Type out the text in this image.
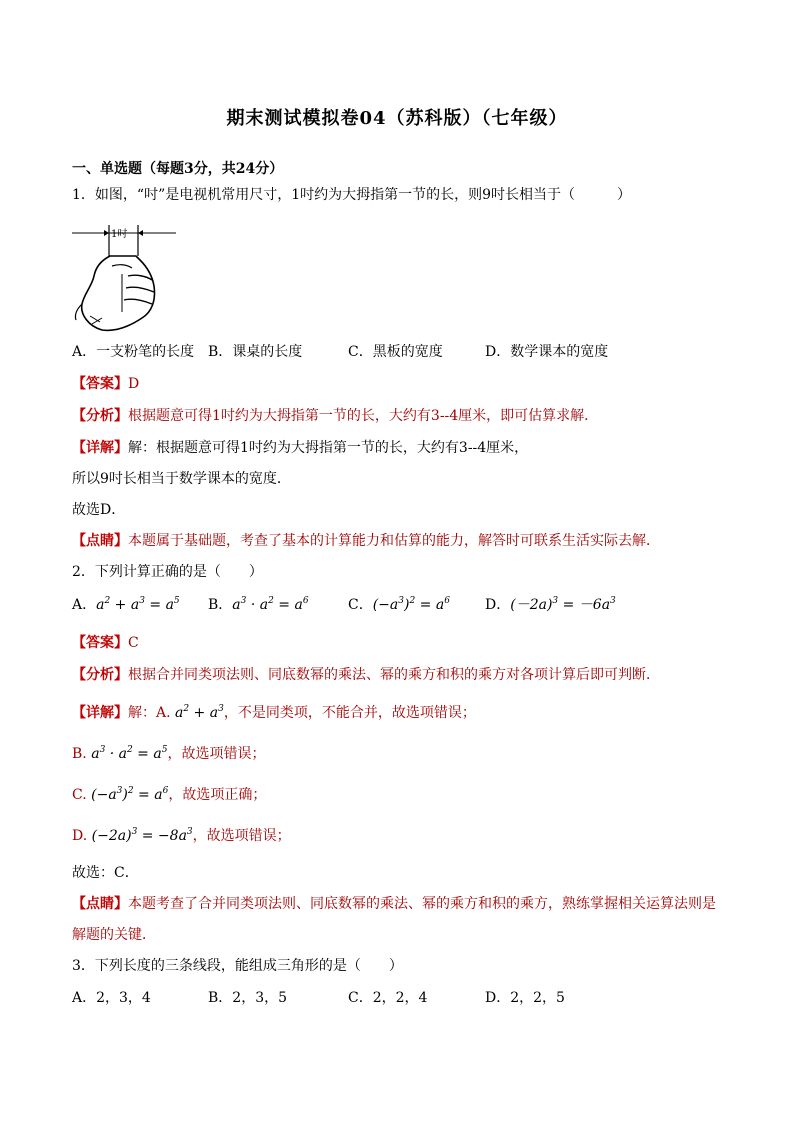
期末测试模拟卷04（苏科版）（七年级）
一、单选题（每题3分，共24分）
1．如图，“吋”是电视机常用尺寸，1吋约为大拇指第一节的长，则9吋长相当于（　　　）
1吋
A．一支粉笔的长度 B．课桌的长度	C．黑板的宽度	D．数学课本的宽度
【答案】D
【分析】根据题意可得1吋约为大拇指第一节的长，大约有3--4厘米，即可估算求解．
【详解】解：根据题意可得1吋约为大拇指第一节的长，大约有3--4厘米，
所以9吋长相当于数学课本的宽度．
故选D．
【点睛】本题属于基础题，考查了基本的计算能力和估算的能力，解答时可联系生活实际去解．
2．下列计算正确的是（　　）
A．$a^2 + a^3 = a^5$ B．$a^3 \cdot a^2 = a^6$	C．$(-a^3)^2 = a^6$	D．$(-2a)^3 = -6a^3$
【答案】C
【分析】根据合并同类项法则、同底数幂的乘法、幂的乘方和积的乘方对各项计算后即可判断．
【详解】解：A. $a^2 + a^3$，不是同类项，不能合并，故选项错误；
B. $a^3 \cdot a^2 = a^5$，故选项错误；
C. $(-a^3)^2 = a^6$，故选项正确；
D. $(-2a)^3 = -8a^3$，故选项错误；
故选：C．
【点睛】本题考查了合并同类项法则、同底数幂的乘法、幂的乘方和积的乘方，熟练掌握相关运算法则是
解题的关键．
3．下列长度的三条线段，能组成三角形的是（　　）
A．2，3，4	B．2，3，5	C．2，2，4	D．2，2，5
